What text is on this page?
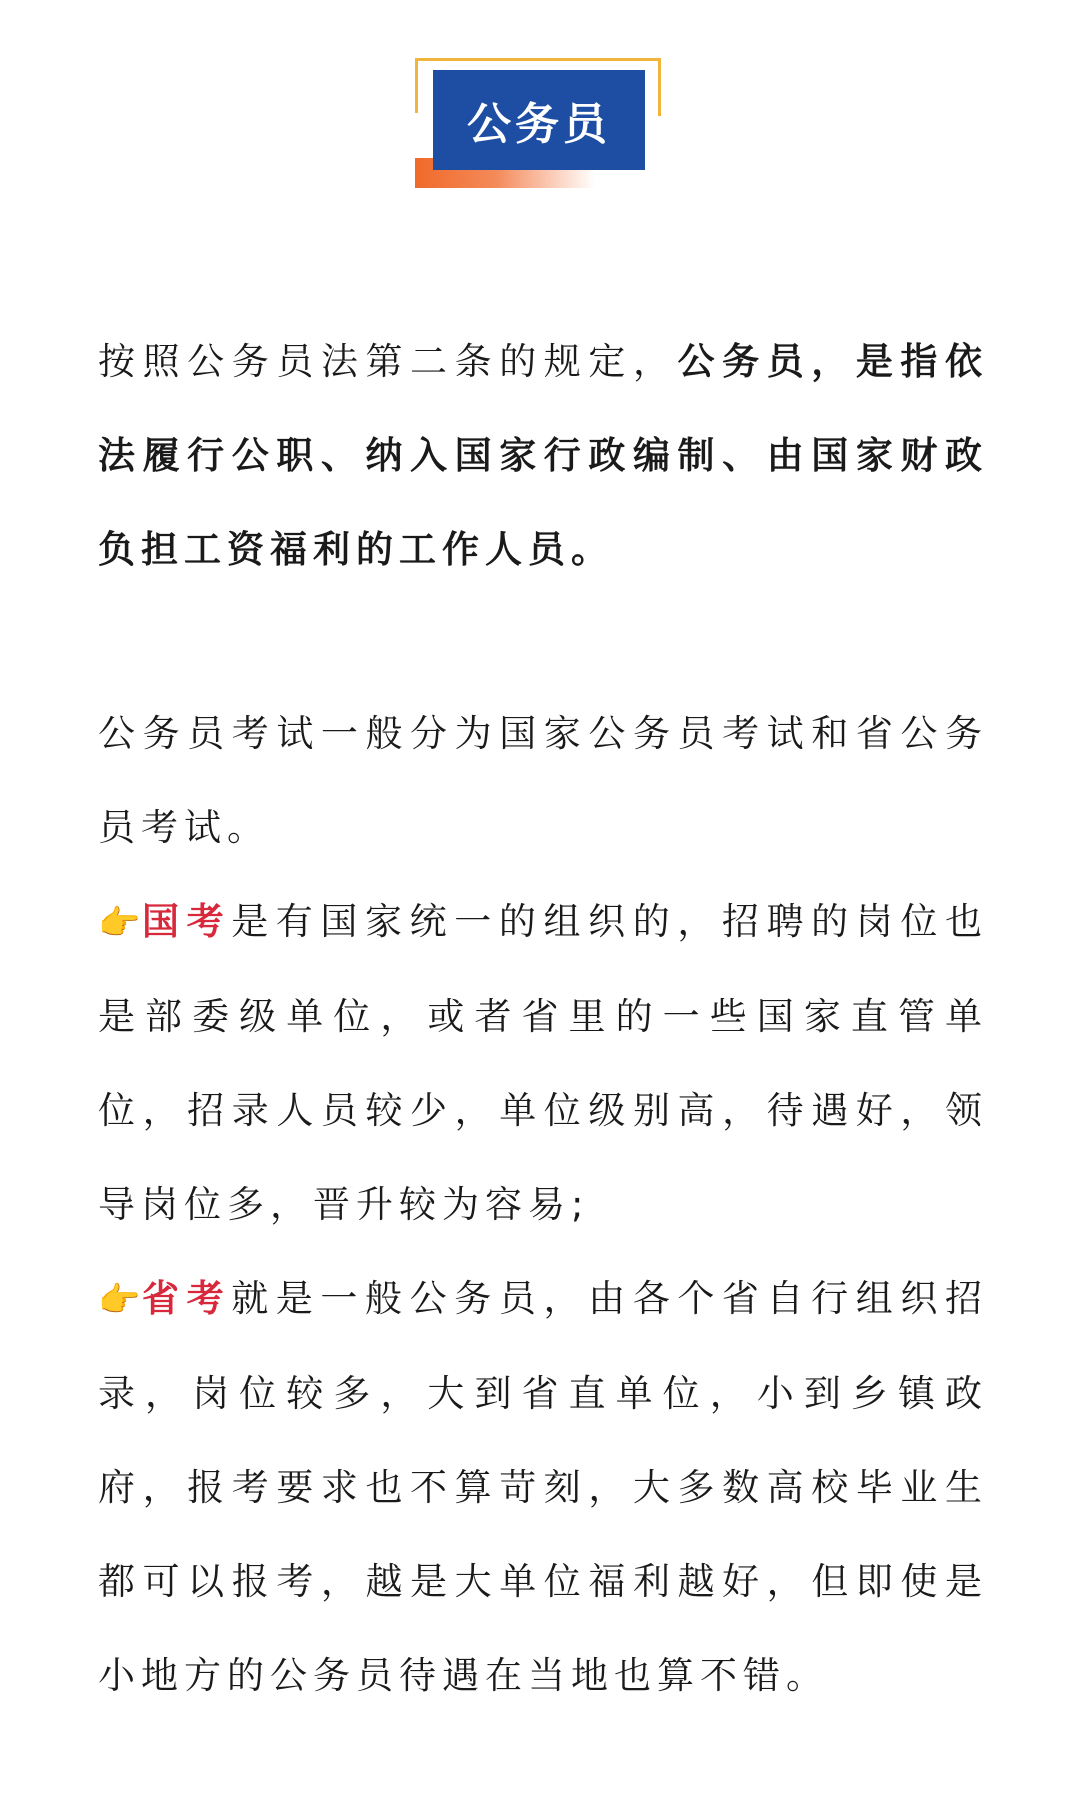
公务员

按照公务员法第二条的规定，公务员，是指依法履行公职、纳入国家行政编制、由国家财政负担工资福利的工作人员。

公务员考试一般分为国家公务员考试和省公务员考试。

👉国考是有国家统一的组织的，招聘的岗位也是部委级单位，或者省里的一些国家直管单位，招录人员较少，单位级别高，待遇好，领导岗位多，晋升较为容易;

👉省考就是一般公务员，由各个省自行组织招录，岗位较多，大到省直单位，小到乡镇政府，报考要求也不算苛刻，大多数高校毕业生都可以报考，越是大单位福利越好，但即使是小地方的公务员待遇在当地也算不错。
